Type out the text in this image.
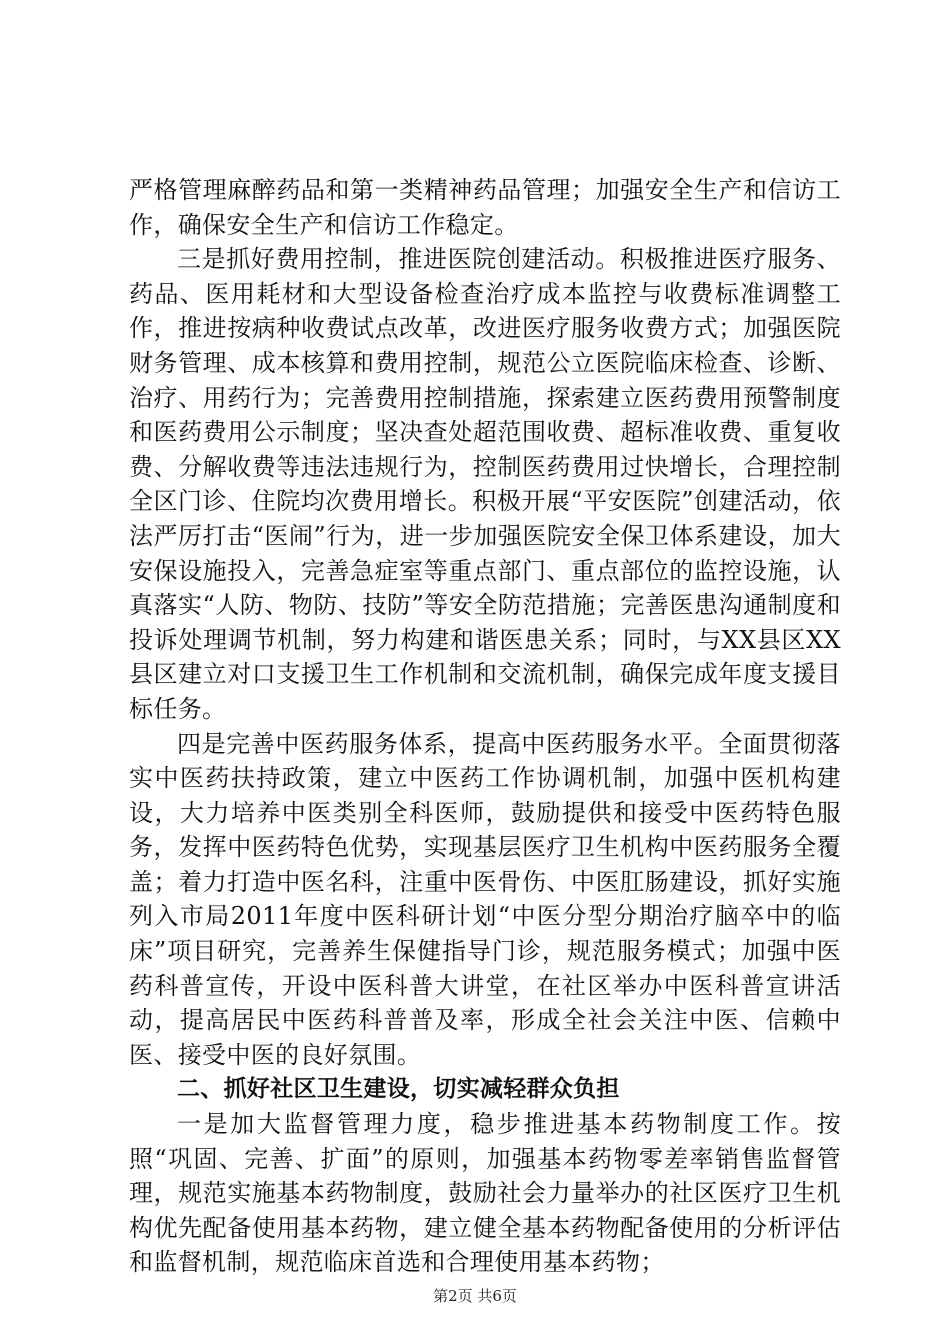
严格管理麻醉药品和第一类精神药品管理；加强安全生产和信访工作，确保安全生产和信访工作稳定。

三是抓好费用控制，推进医院创建活动。积极推进医疗服务、药品、医用耗材和大型设备检查治疗成本监控与收费标准调整工作，推进按病种收费试点改革，改进医疗服务收费方式；加强医院财务管理、成本核算和费用控制，规范公立医院临床检查、诊断、治疗、用药行为；完善费用控制措施，探索建立医药费用预警制度和医药费用公示制度；坚决查处超范围收费、超标准收费、重复收费、分解收费等违法违规行为，控制医药费用过快增长，合理控制全区门诊、住院均次费用增长。积极开展“平安医院”创建活动，依法严厉打击“医闹”行为，进一步加强医院安全保卫体系建设，加大安保设施投入，完善急症室等重点部门、重点部位的监控设施，认真落实“人防、物防、技防”等安全防范措施；完善医患沟通制度和投诉处理调节机制，努力构建和谐医患关系；同时，与XX县区XX县区建立对口支援卫生工作机制和交流机制，确保完成年度支援目标任务。

四是完善中医药服务体系，提高中医药服务水平。全面贯彻落实中医药扶持政策，建立中医药工作协调机制，加强中医机构建设，大力培养中医类别全科医师，鼓励提供和接受中医药特色服务，发挥中医药特色优势，实现基层医疗卫生机构中医药服务全覆盖；着力打造中医名科，注重中医骨伤、中医肛肠建设，抓好实施列入市局2011年度中医科研计划“中医分型分期治疗脑卒中的临床”项目研究，完善养生保健指导门诊，规范服务模式；加强中医药科普宣传，开设中医科普大讲堂，在社区举办中医科普宣讲活动，提高居民中医药科普普及率，形成全社会关注中医、信赖中医、接受中医的良好氛围。

二、抓好社区卫生建设，切实减轻群众负担

一是加大监督管理力度，稳步推进基本药物制度工作。按照“巩固、完善、扩面”的原则，加强基本药物零差率销售监督管理，规范实施基本药物制度，鼓励社会力量举办的社区医疗卫生机构优先配备使用基本药物，建立健全基本药物配备使用的分析评估和监督机制，规范临床首选和合理使用基本药物；

第2页 共6页
